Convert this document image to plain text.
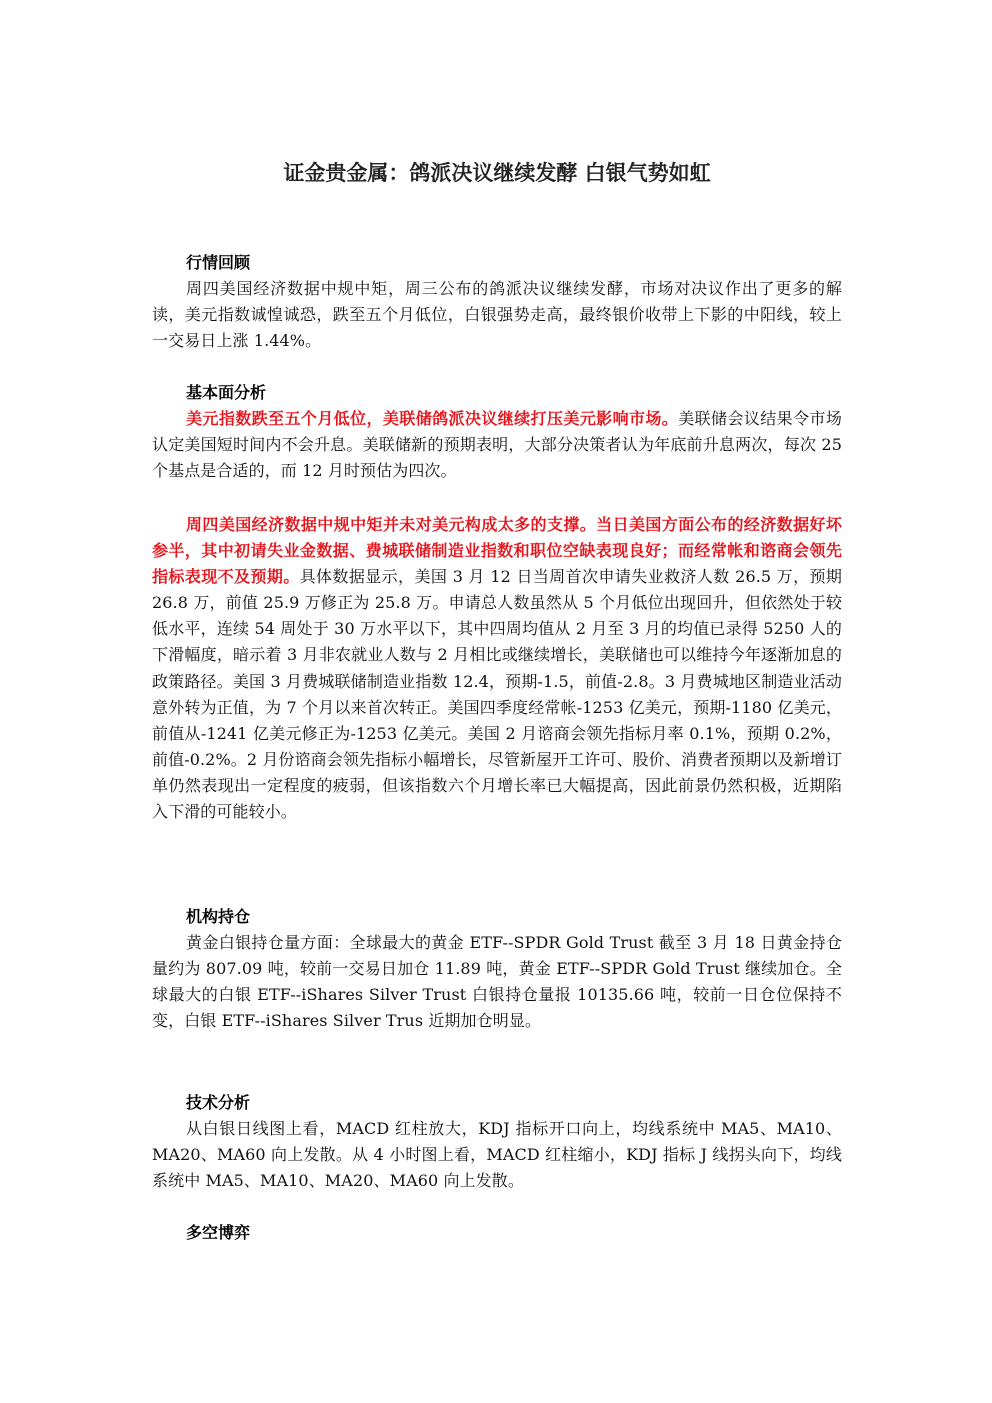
证金贵金属：鸽派决议继续发酵 白银气势如虹
行情回顾

周四美国经济数据中规中矩，周三公布的鸽派决议继续发酵，市场对决议作出了更多的解读，美元指数诚惶诚恐，跌至五个月低位，白银强势走高，最终银价收带上下影的中阳线，较上一交易日上涨 1.44%。

基本面分析

美元指数跌至五个月低位，美联储鸽派决议继续打压美元影响市场。美联储会议结果令市场认定美国短时间内不会升息。美联储新的预期表明，大部分决策者认为年底前升息两次，每次 25 个基点是合适的，而 12 月时预估为四次。

周四美国经济数据中规中矩并未对美元构成太多的支撑。当日美国方面公布的经济数据好坏参半，其中初请失业金数据、费城联储制造业指数和职位空缺表现良好；而经常帐和谘商会领先指标表现不及预期。具体数据显示，美国 3 月 12 日当周首次申请失业救济人数 26.5 万，预期 26.8 万，前值 25.9 万修正为 25.8 万。申请总人数虽然从 5 个月低位出现回升，但依然处于较低水平，连续 54 周处于 30 万水平以下，其中四周均值从 2 月至 3 月的均值已录得 5250 人的下滑幅度，暗示着 3 月非农就业人数与 2 月相比或继续增长，美联储也可以维持今年逐渐加息的政策路径。美国 3 月费城联储制造业指数 12.4，预期-1.5，前值-2.8。3 月费城地区制造业活动意外转为正值，为 7 个月以来首次转正。美国四季度经常帐-1253 亿美元，预期-1180 亿美元，前值从-1241 亿美元修正为-1253 亿美元。美国 2 月谘商会领先指标月率 0.1%，预期 0.2%，前值-0.2%。2 月份谘商会领先指标小幅增长，尽管新屋开工许可、股价、消费者预期以及新增订单仍然表现出一定程度的疲弱，但该指数六个月增长率已大幅提高，因此前景仍然积极，近期陷入下滑的可能较小。

机构持仓

黄金白银持仓量方面：全球最大的黄金 ETF--SPDR Gold Trust 截至 3 月 18 日黄金持仓量约为 807.09 吨，较前一交易日加仓 11.89 吨，黄金 ETF--SPDR Gold Trust 继续加仓。全球最大的白银 ETF--iShares Silver Trust 白银持仓量报 10135.66 吨，较前一日仓位保持不变，白银 ETF--iShares Silver Trus 近期加仓明显。

技术分析

从白银日线图上看，MACD 红柱放大，KDJ 指标开口向上，均线系统中 MA5、MA10、MA20、MA60 向上发散。从 4 小时图上看，MACD 红柱缩小，KDJ 指标 J 线拐头向下，均线系统中 MA5、MA10、MA20、MA60 向上发散。

多空博弈
